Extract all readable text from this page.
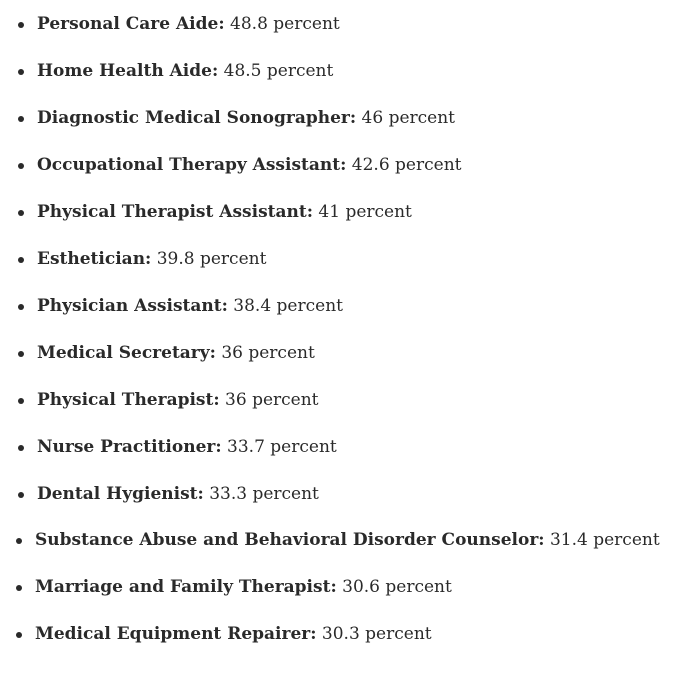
Personal Care Aide: 48.8 percent
Home Health Aide: 48.5 percent
Diagnostic Medical Sonographer: 46 percent
Occupational Therapy Assistant: 42.6 percent
Physical Therapist Assistant: 41 percent
Esthetician: 39.8 percent
Physician Assistant: 38.4 percent
Medical Secretary: 36 percent
Physical Therapist: 36 percent
Nurse Practitioner: 33.7 percent
Dental Hygienist: 33.3 percent
Substance Abuse and Behavioral Disorder Counselor: 31.4 percent
Marriage and Family Therapist: 30.6 percent
Medical Equipment Repairer: 30.3 percent
